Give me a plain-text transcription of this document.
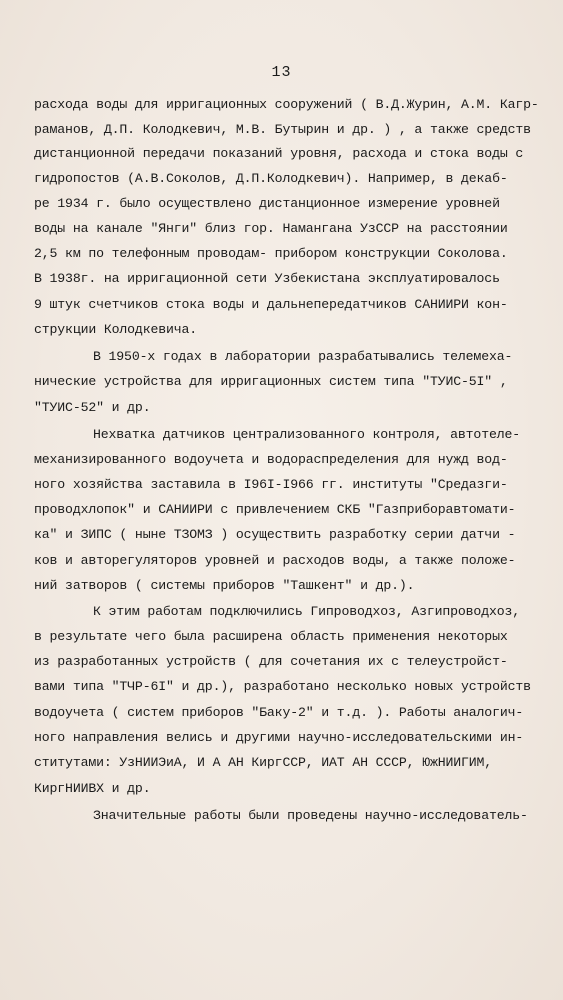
13
расхода воды для ирригационных сооружений ( В.Д.Журин, А.М. Кагр-
рамaнов, Д.П. Колодкевич, М.В. Бутырин и др. ) , а также средств
дистанционной передачи показаний уровня, расхода и стока воды с
гидропостов (А.В.Соколов, Д.П.Колодкевич). Например, в декаб-
ре 1934 г. было осуществлено дистанционное измерение уровней
воды на канале "Янги" близ гор. Намангана УзССР на расстоянии
2,5 км по телефонным проводам- прибором конструкции Соколова.
В 1938г. на ирригационной сети Узбекистана эксплуатировалось
9 штук счетчиков стока воды и дальнепередатчиков САНИИРИ кон-
струкции Колодкевича.
В 1950-х годах в лаборатории разрабатывались телемеха-
нические устройства для ирригационных систем типа "ТУИС-5I" ,
"ТУИС-52" и др.
Нехватка датчиков централизованного контроля, автотеле-
механизированного водоучета и водораспределения для нужд вод-
ного хозяйства заставила в I96I-I966 гг. институты "Средазги-
проводхлопок" и САНИИРИ с привлечением СКБ "Газприборавтомати-
ка" и ЗИПС ( ныне ТЗОМЗ ) осуществить разработку серии датчи -
ков и авторегуляторов уровней и расходов воды, а также положе-
ний затворов ( системы приборов "Ташкент" и др.).
К этим работам подключились Гипроводхоз, Азгипроводхоз,
в результате чего была расширена область применения некоторых
из разработанных устройств ( для сочетания их с телеустройст-
вами типа "ТЧР-6I" и др.), разработано несколько новых устройств
водоучета ( систем приборов "Баку-2" и т.д. ). Работы аналогич-
ного направления велись и другими научно-исследовательскими ин-
ститутами: УзНИИЭиА, И А АН КиргССР, ИАТ АН СССР, ЮжНИИГИМ,
КиргНИИВХ и др.
Значительные работы были проведены научно-исследователь-
